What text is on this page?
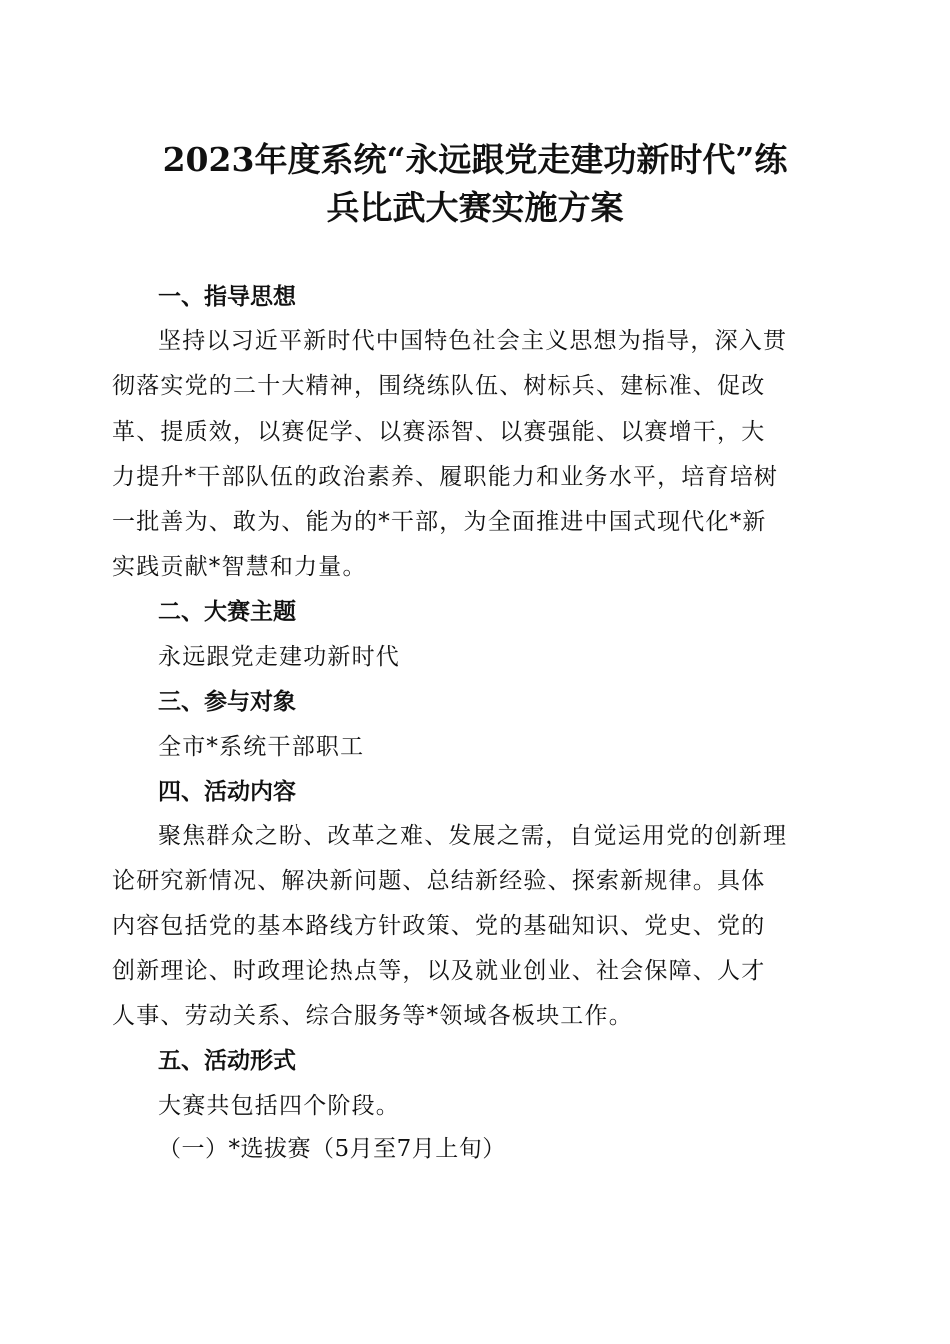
2023年度系统“永远跟党走建功新时代”练
兵比武大赛实施方案
一、指导思想
坚持以习近平新时代中国特色社会主义思想为指导，深入贯
彻落实党的二十大精神，围绕练队伍、树标兵、建标准、促改
革、提质效，以赛促学、以赛添智、以赛强能、以赛增干，大
力提升*干部队伍的政治素养、履职能力和业务水平，培育培树
一批善为、敢为、能为的*干部，为全面推进中国式现代化*新
实践贡献*智慧和力量。
二、大赛主题
永远跟党走建功新时代
三、参与对象
全市*系统干部职工
四、活动内容
聚焦群众之盼、改革之难、发展之需，自觉运用党的创新理
论研究新情况、解决新问题、总结新经验、探索新规律。具体
内容包括党的基本路线方针政策、党的基础知识、党史、党的
创新理论、时政理论热点等，以及就业创业、社会保障、人才
人事、劳动关系、综合服务等*领域各板块工作。
五、活动形式
大赛共包括四个阶段。
（一）*选拔赛（5月至7月上旬）
